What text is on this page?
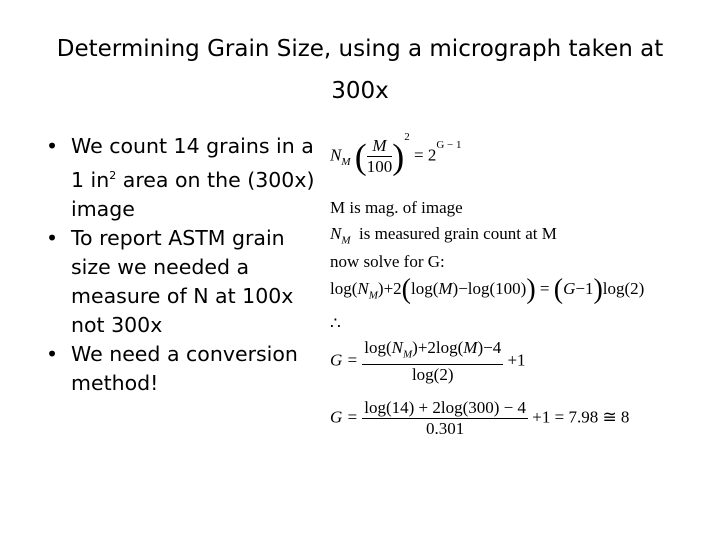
Determining Grain Size, using a micrograph taken at 300x
• We count 14 grains in a 1 $in^2$ area on the (300x) image
• To report ASTM grain size we needed a measure of N at 100x not 300x
• We need a conversion method!
$N_M$ ( $\frac{M}{100} )^2 = 2^{G - 1}$
M is mag. of image
$N_M$ is measured grain count at M
now solve for G:
$\log(N_M)+2(\log(M)-\log(100)) = (G-1)\log(2)$
∴
$G = \frac{\log(N_M)+2\log(M)-4}{\log(2)} +1$
$G = \frac{\log(14) + 2\log(300) - 4}{0.301} +1 = 7.98$ ≅ 8
